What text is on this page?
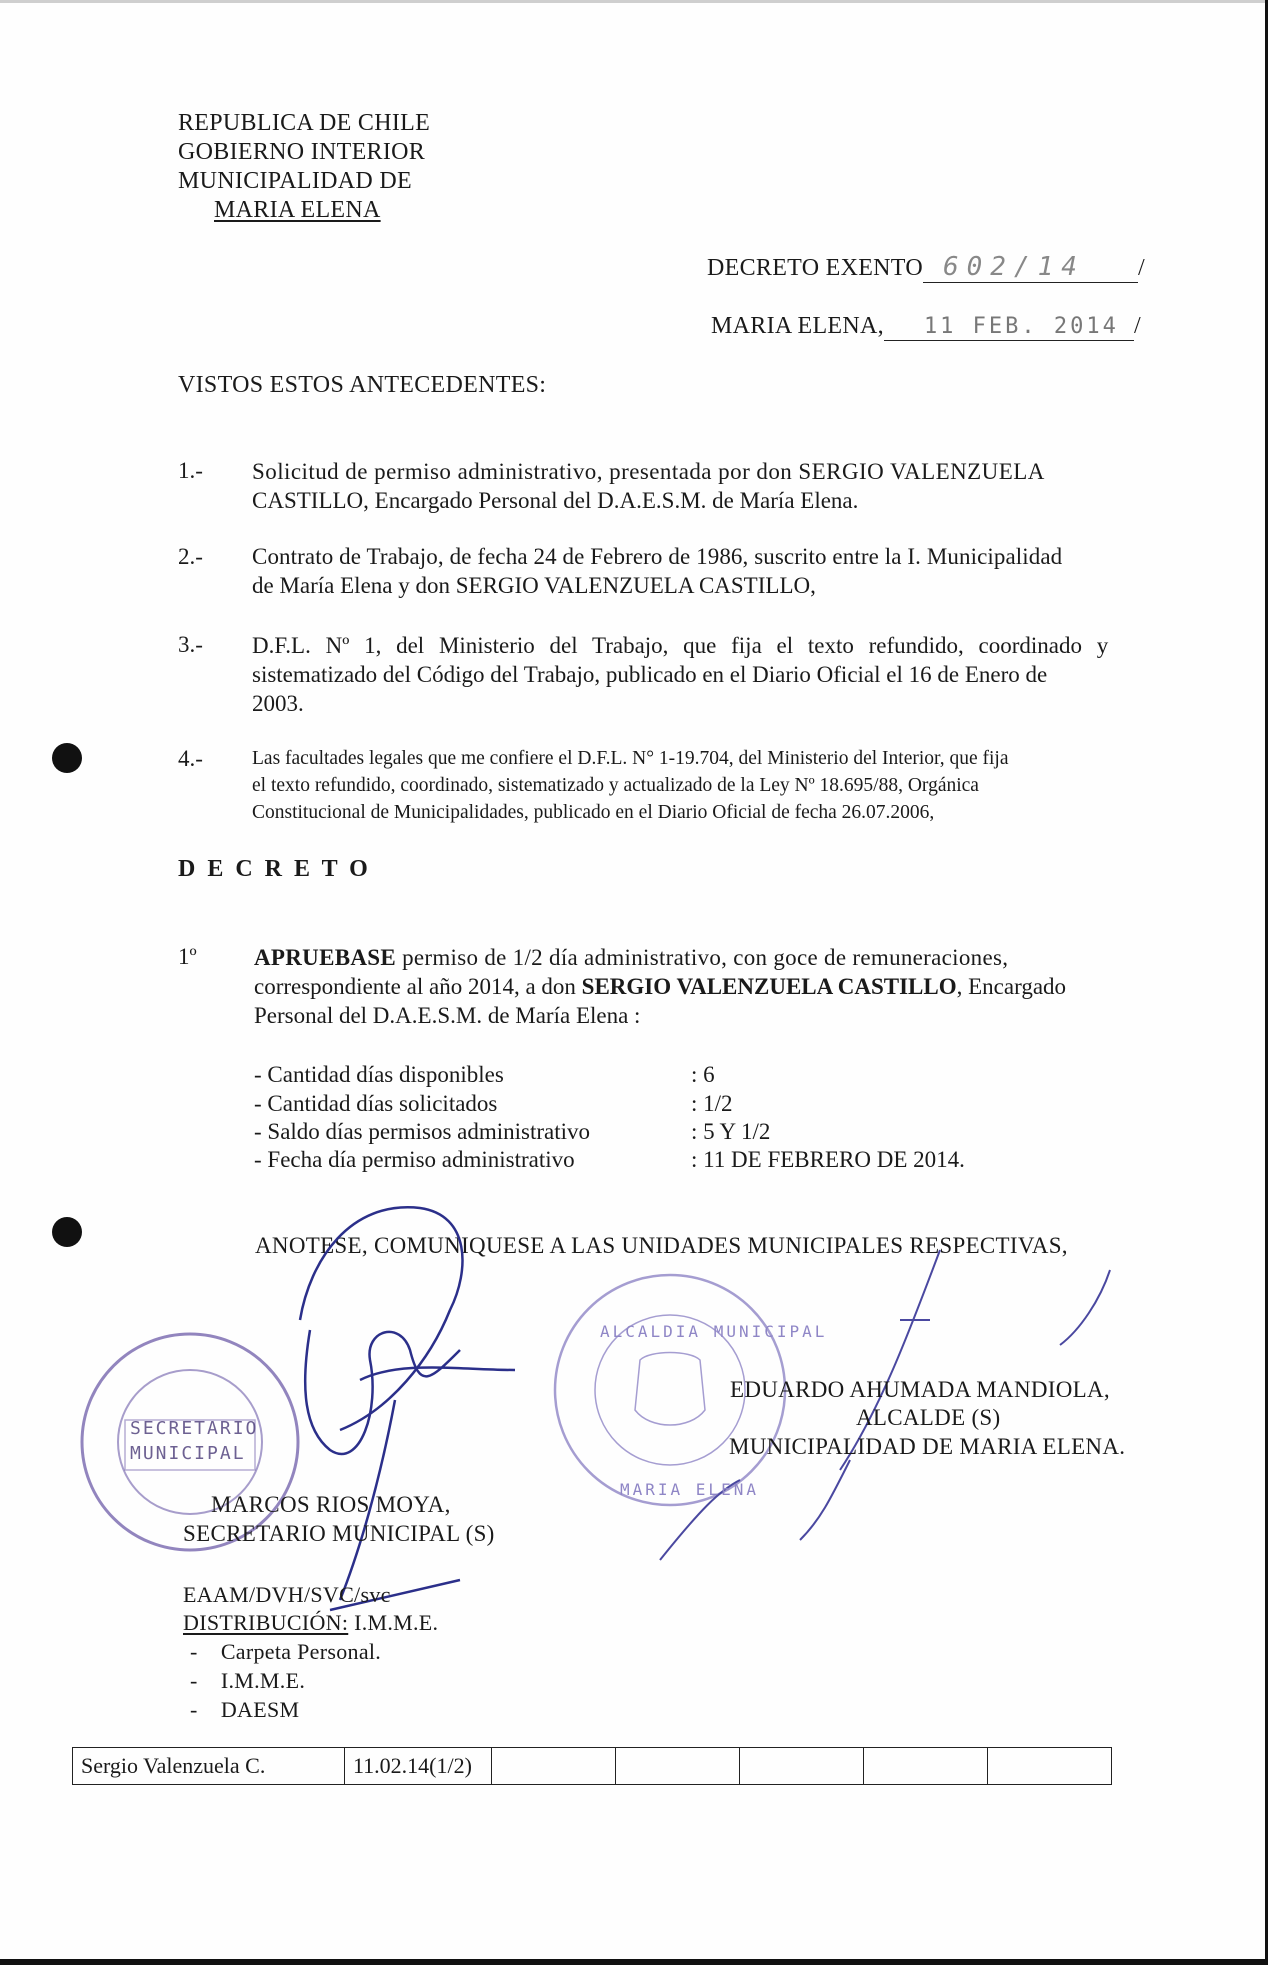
REPUBLICA DE CHILE
GOBIERNO INTERIOR
MUNICIPALIDAD DE
MARIA ELENA
DECRETO EXENTO 602/14 /
MARIA ELENA, 11 FEB. 2014 /
VISTOS ESTOS ANTECEDENTES:
1.- Solicitud de permiso administrativo, presentada por don SERGIO VALENZUELA
CASTILLO, Encargado Personal del D.A.E.S.M. de María Elena.
2.- Contrato de Trabajo, de fecha 24 de Febrero de 1986, suscrito entre la I. Municipalidad
de María Elena y don SERGIO VALENZUELA CASTILLO,
3.- D.F.L. Nº 1, del Ministerio del Trabajo, que fija el texto refundido, coordinado y
sistematizado del Código del Trabajo, publicado en el Diario Oficial el 16 de Enero de
2003.
4.-	Las facultades legales que me confiere el D.F.L. N° 1-19.704, del Ministerio del Interior, que fija
el texto refundido, coordinado, sistematizado y actualizado de la Ley Nº 18.695/88, Orgánica
Constitucional de Municipalidades, publicado en el Diario Oficial de fecha 26.07.2006,
D E C R E T O
1º APRUEBASE permiso de 1/2 día administrativo, con goce de remuneraciones,
correspondiente al año 2014, a don SERGIO VALENZUELA CASTILLO, Encargado
Personal del D.A.E.S.M. de María Elena :
- Cantidad días disponibles	: 6
- Cantidad días solicitados	: 1/2
- Saldo días permisos administrativo	: 5 Y 1/2
- Fecha día permiso administrativo	: 11 DE FEBRERO DE 2014.
ANOTESE, COMUNIQUESE A LAS UNIDADES MUNICIPALES RESPECTIVAS,
SECRETARIO
MUNICIPAL
ALCALDIA MUNICIPAL
MARIA ELENA
EDUARDO AHUMADA MANDIOLA,
ALCALDE (S)
MUNICIPALIDAD DE MARIA ELENA.
MARCOS RIOS MOYA,
SECRETARIO MUNICIPAL (S)
EAAM/DVH/SVC/svc
DISTRIBUCIÓN: I.M.M.E.
-    Carpeta Personal.
-    I.M.M.E.
-    DAESM
Sergio Valenzuela C.	11.02.14(1/2)					
